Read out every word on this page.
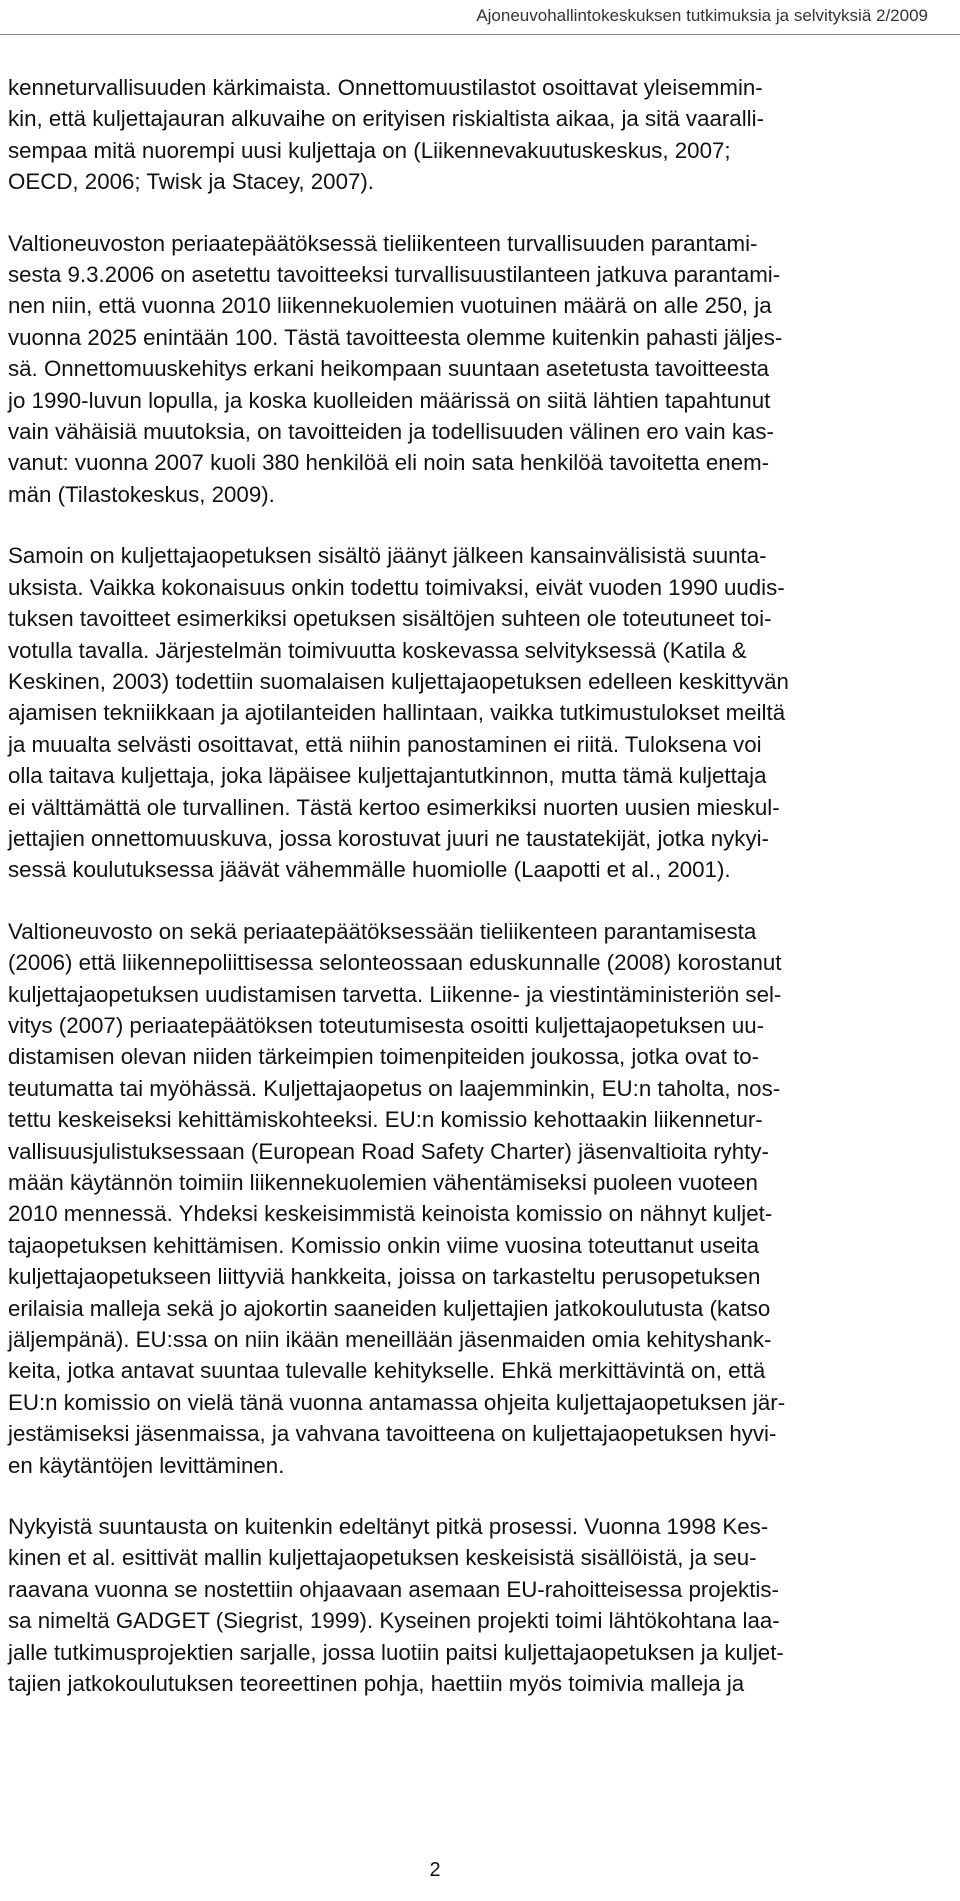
Ajoneuvohallintokeskuksen tutkimuksia ja selvityksiä 2/2009

kenneturvallisuuden kärkimaista. Onnettomuustilastot osoittavat yleisemmin-
kin, että kuljettajauran alkuvaihe on erityisen riskialtista aikaa, ja sitä vaaralli-
sempaa mitä nuorempi uusi kuljettaja on (Liikennevakuutuskeskus, 2007;
OECD, 2006; Twisk ja Stacey, 2007).

Valtioneuvoston periaatepäätöksessä tieliikenteen turvallisuuden parantami-
sesta 9.3.2006 on asetettu tavoitteeksi turvallisuustilanteen jatkuva parantami-
nen niin, että vuonna 2010 liikennekuolemien vuotuinen määrä on alle 250, ja
vuonna 2025 enintään 100. Tästä tavoitteesta olemme kuitenkin pahasti jäljes-
sä. Onnettomuuskehitys erkani heikompaan suuntaan asetetusta tavoitteesta
jo 1990-luvun lopulla, ja koska kuolleiden määrissä on siitä lähtien tapahtunut
vain vähäisiä muutoksia, on tavoitteiden ja todellisuuden välinen ero vain kas-
vanut: vuonna 2007 kuoli 380 henkilöä eli noin sata henkilöä tavoitetta enem-
män (Tilastokeskus, 2009).

Samoin on kuljettajaopetuksen sisältö jäänyt jälkeen kansainvälisistä suunta-
uksista. Vaikka kokonaisuus onkin todettu toimivaksi, eivät vuoden 1990 uudis-
tuksen tavoitteet esimerkiksi opetuksen sisältöjen suhteen ole toteutuneet toi-
votulla tavalla. Järjestelmän toimivuutta koskevassa selvityksessä (Katila &
Keskinen, 2003) todettiin suomalaisen kuljettajaopetuksen edelleen keskittyvän
ajamisen tekniikkaan ja ajotilanteiden hallintaan, vaikka tutkimustulokset meiltä
ja muualta selvästi osoittavat, että niihin panostaminen ei riitä. Tuloksena voi
olla taitava kuljettaja, joka läpäisee kuljettajantutkinnon, mutta tämä kuljettaja
ei välttämättä ole turvallinen. Tästä kertoo esimerkiksi nuorten uusien mieskul-
jettajien onnettomuuskuva, jossa korostuvat juuri ne taustatekijät, jotka nykyi-
sessä koulutuksessa jäävät vähemmälle huomiolle (Laapotti et al., 2001).

Valtioneuvosto on sekä periaatepäätöksessään tieliikenteen parantamisesta
(2006) että liikennepoliittisessa selonteossaan eduskunnalle (2008) korostanut
kuljettajaopetuksen uudistamisen tarvetta. Liikenne- ja viestintäministeriön sel-
vitys (2007) periaatepäätöksen toteutumisesta osoitti kuljettajaopetuksen uu-
distamisen olevan niiden tärkeimpien toimenpiteiden joukossa, jotka ovat to-
teutumatta tai myöhässä. Kuljettajaopetus on laajemminkin, EU:n taholta, nos-
tettu keskeiseksi kehittämiskohteeksi. EU:n komissio kehottaakin liikennetur-
vallisuusjulistuksessaan (European Road Safety Charter) jäsenvaltioita ryhty-
mään käytännön toimiin liikennekuolemien vähentämiseksi puoleen vuoteen
2010 mennessä. Yhdeksi keskeisimmistä keinoista komissio on nähnyt kuljet-
tajaopetuksen kehittämisen. Komissio onkin viime vuosina toteuttanut useita
kuljettajaopetukseen liittyviä hankkeita, joissa on tarkasteltu perusopetuksen
erilaisia malleja sekä jo ajokortin saaneiden kuljettajien jatkokoulutusta (katso
jäljempänä). EU:ssa on niin ikään meneillään jäsenmaiden omia kehityshank-
keita, jotka antavat suuntaa tulevalle kehitykselle. Ehkä merkittävintä on, että
EU:n komissio on vielä tänä vuonna antamassa ohjeita kuljettajaopetuksen jär-
jestämiseksi jäsenmaissa, ja vahvana tavoitteena on kuljettajaopetuksen hyvi-
en käytäntöjen levittäminen.

Nykyistä suuntausta on kuitenkin edeltänyt pitkä prosessi. Vuonna 1998 Kes-
kinen et al. esittivät mallin kuljettajaopetuksen keskeisistä sisällöistä, ja seu-
raavana vuonna se nostettiin ohjaavaan asemaan EU-rahoitteisessa projektis-
sa nimeltä GADGET (Siegrist, 1999). Kyseinen projekti toimi lähtökohtana laa-
jalle tutkimusprojektien sarjalle, jossa luotiin paitsi kuljettajaopetuksen ja kuljet-
tajien jatkokoulutuksen teoreettinen pohja, haettiin myös toimivia malleja ja

2
